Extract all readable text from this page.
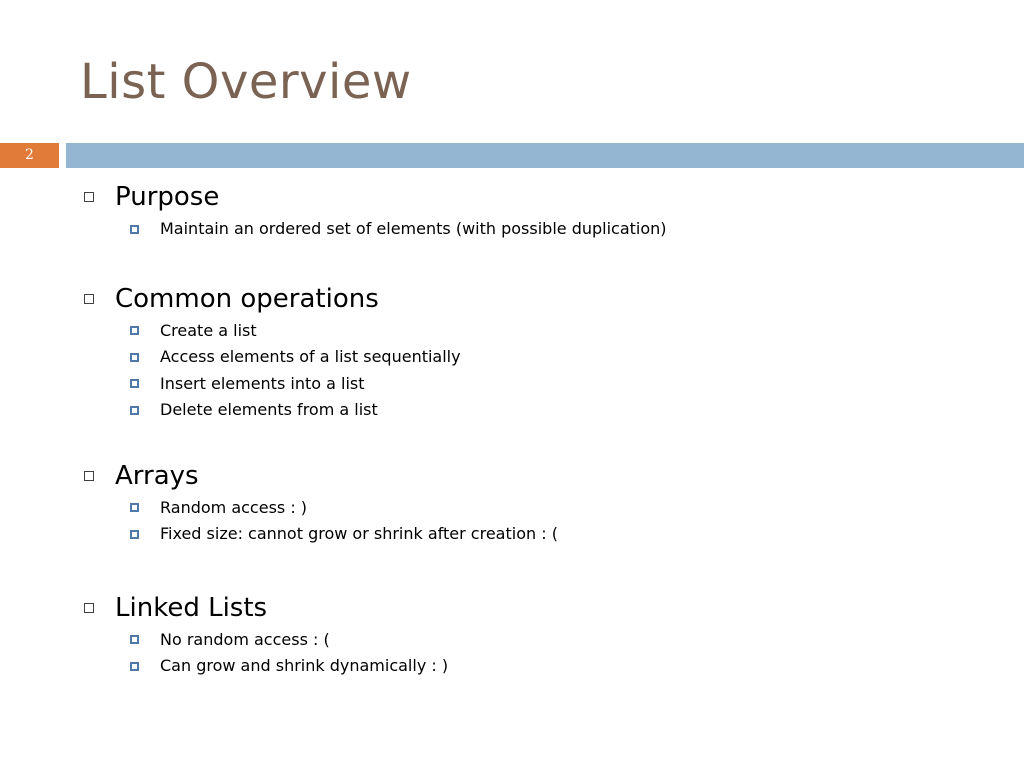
List Overview
2
Purpose
Maintain an ordered set of elements (with possible duplication)
Common operations
Create a list
Access elements of a list sequentially
Insert elements into a list
Delete elements from a list
Arrays
Random access : )
Fixed size: cannot grow or shrink after creation : (
Linked Lists
No random access : (
Can grow and shrink dynamically : )
